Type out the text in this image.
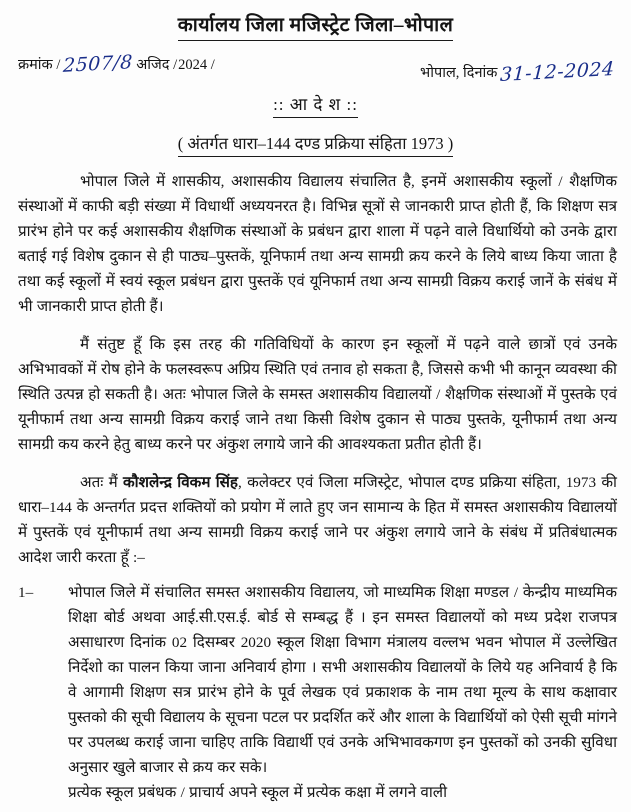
कार्यालय जिला मजिस्ट्रेट जिला–भोपाल
क्रमांक / 2507/8 अजिद / 2024 /	भोपाल, दिनांक 31-12-2024
:: आ दे श ::
( अंतर्गत धारा–144 दण्ड प्रक्रिया संहिता 1973 )

भोपाल जिले में शासकीय, अशासकीय विद्यालय संचालित है, इनमें अशासकीय स्कूलों / शैक्षणिक संस्थाओं में काफी बड़ी संख्या में विधार्थी अध्ययनरत है। विभिन्न सूत्रों से जानकारी प्राप्त होती हैं, कि शिक्षण सत्र प्रारंभ होने पर कई अशासकीय शैक्षणिक संस्थाओं के प्रबंधन द्वारा शाला में पढ़ने वाले विधार्थियो को उनके द्वारा बताई गई विशेष दुकान से ही पाठ्य–पुस्तकें, यूनिफार्म तथा अन्य सामग्री क्रय करने के लिये बाध्य किया जाता है तथा कई स्कूलों में स्वयं स्कूल प्रबंधन द्वारा पुस्तकें एवं यूनिफार्म तथा अन्य सामग्री विक्रय कराई जानें के संबंध में भी जानकारी प्राप्त होती हैं।

मैं संतुष्ट हूँ कि इस तरह की गतिविधियों के कारण इन स्कूलों में पढ़ने वाले छात्रों एवं उनके अभिभावकों में रोष होने के फलस्वरूप अप्रिय स्थिति एवं तनाव हो सकता है, जिससे कभी भी कानून व्यवस्था की स्थिति उत्पन्न हो सकती है। अतः भोपाल जिले के समस्त अशासकीय विद्यालयों / शैक्षणिक संस्थाओं में पुस्तके एवं यूनीफार्म तथा अन्य सामग्री विक्रय कराई जाने तथा किसी विशेष दुकान से पाठ्य पुस्तके, यूनीफार्म तथा अन्य सामग्री कय करने हेतु बाध्य करने पर अंकुश लगाये जाने की आवश्यकता प्रतीत होती हैं।

अतः मैं कौशलेन्द्र विकम सिंह, कलेक्टर एवं जिला मजिस्ट्रेट, भोपाल दण्ड प्रक्रिया संहिता, 1973 की धारा–144 के अन्तर्गत प्रदत्त शक्तियों को प्रयोग में लाते हुए जन सामान्य के हित में समस्त अशासकीय विद्यालयों में पुस्तकें एवं यूनीफार्म तथा अन्य सामग्री विक्रय कराई जाने पर अंकुश लगाये जाने के संबंध में प्रतिबंधात्मक आदेश जारी करता हूँ :–

1–	भोपाल जिले में संचालित समस्त अशासकीय विद्यालय, जो माध्यमिक शिक्षा मण्डल / केन्द्रीय माध्यमिक शिक्षा बोर्ड अथवा आई.सी.एस.ई. बोर्ड से सम्बद्ध हैं । इन समस्त विद्यालयों को मध्य प्रदेश राजपत्र असाधारण दिनांक 02 दिसम्बर 2020 स्कूल शिक्षा विभाग मंत्रालय वल्लभ भवन भोपाल में उल्लेखित निर्देशो का पालन किया जाना अनिवार्य होगा । सभी अशासकीय विद्यालयों के लिये यह अनिवार्य है कि वे आगामी शिक्षण सत्र प्रारंभ होने के पूर्व लेखक एवं प्रकाशक के नाम तथा मूल्य के साथ कक्षावार पुस्तको की सूची विद्यालय के सूचना पटल पर प्रदर्शित करें और शाला के विद्यार्थियों को ऐसी सूची मांगने पर उपलब्ध कराई जाना चाहिए ताकि विद्यार्थी एवं उनके अभिभावकगण इन पुस्तकों को उनकी सुविधा अनुसार खुले बाजार से क्रय कर सके।
प्रत्येक स्कूल प्रबंधक / प्राचार्य अपने स्कूल में प्रत्येक कक्षा में लगने वाली
